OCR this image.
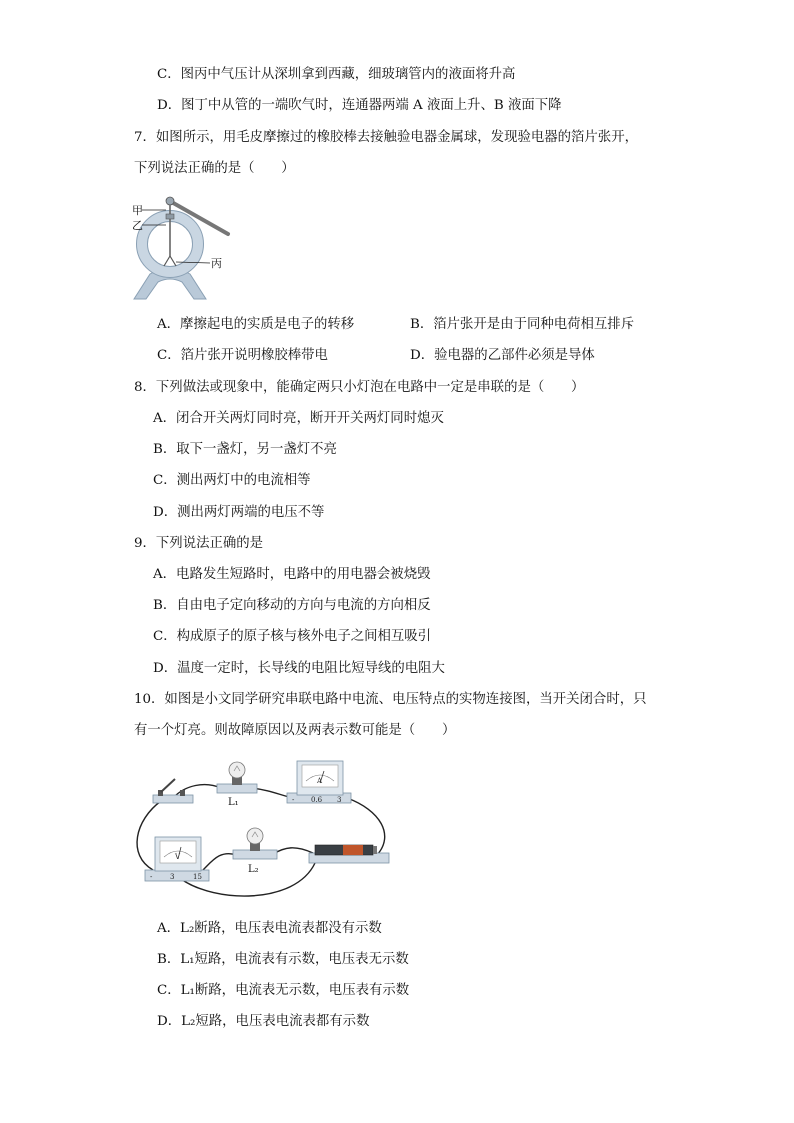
C．图丙中气压计从深圳拿到西藏，细玻璃管内的液面将升高
D．图丁中从管的一端吹气时，连通器两端 A 液面上升、B 液面下降
7．如图所示，用毛皮摩擦过的橡胶棒去接触验电器金属球，发现验电器的箔片张开，
下列说法正确的是（　　）
甲
乙
丙
A．摩擦起电的实质是电子的转移	B．箔片张开是由于同种电荷相互排斥
C．箔片张开说明橡胶棒带电	D．验电器的乙部件必须是导体
8．下列做法或现象中，能确定两只小灯泡在电路中一定是串联的是（　　）
A．闭合开关两灯同时亮，断开开关两灯同时熄灭
B．取下一盏灯，另一盏灯不亮
C．测出两灯中的电流相等
D．测出两灯两端的电压不等
9．下列说法正确的是
A．电路发生短路时，电路中的用电器会被烧毁
B．自由电子定向移动的方向与电流的方向相反
C．构成原子的原子核与核外电子之间相互吸引
D．温度一定时，长导线的电阻比短导线的电阻大
10．如图是小文同学研究串联电路中电流、电压特点的实物连接图，当开关闭合时，只
有一个灯亮。则故障原因以及两表示数可能是（　　）
L₁
A
- 0.6 3
V
-	3	15
L₂
A．L₂断路，电压表电流表都没有示数
B．L₁短路，电流表有示数，电压表无示数
C．L₁断路，电流表无示数，电压表有示数
D．L₂短路，电压表电流表都有示数
